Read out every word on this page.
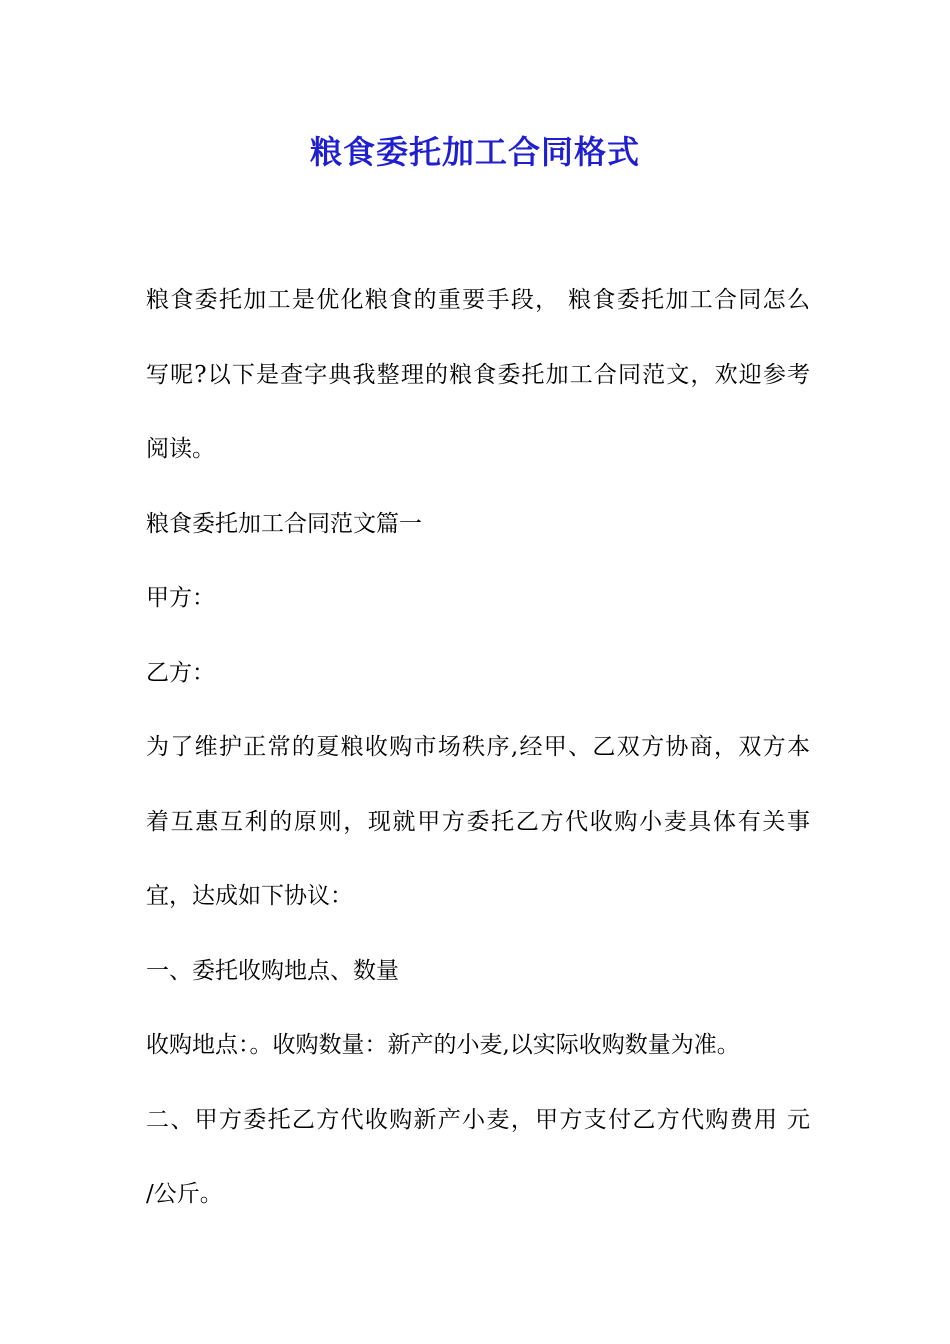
粮食委托加工合同格式
粮食委托加工是优化粮食的重要手段， 粮食委托加工合同怎么
写呢?以下是查字典我整理的粮食委托加工合同范文，欢迎参考
阅读。
粮食委托加工合同范文篇一
甲方：
乙方：
为了维护正常的夏粮收购市场秩序,经甲、乙双方协商，双方本
着互惠互利的原则，现就甲方委托乙方代收购小麦具体有关事
宜，达成如下协议：
一、委托收购地点、数量
收购地点：。收购数量：新产的小麦,以实际收购数量为准。
二、甲方委托乙方代收购新产小麦，甲方支付乙方代购费用 元
/公斤。
